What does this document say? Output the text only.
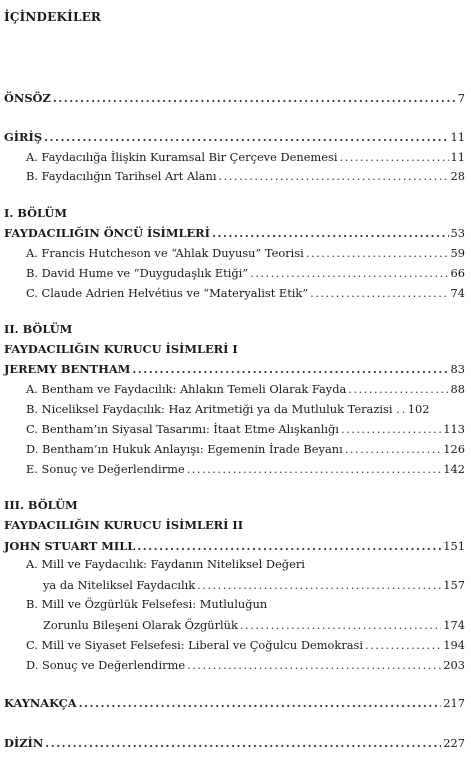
İÇİNDEKİLER
ÖNSÖZ .....	7
GİRİŞ .....	11
A. Faydacılığa İlişkin Kuramsal Bir Çerçeve Denemesi .....	11
B. Faydacılığın Tarihsel Art Alanı .....	28
I. BÖLÜM
FAYDACILIĞIN ÖNCÜ İSİMLERİ .....	53
A. Francis Hutcheson ve “Ahlak Duyusu” Teorisi .....	59
B. David Hume ve “Duygudaşlık Etiği” .....	66
C. Claude Adrien Helvétius ve “Materyalist Etik” .....	74
II. BÖLÜM
FAYDACILIĞIN KURUCU İSİMLERİ I
JEREMY BENTHAM .....	83
A. Bentham ve Faydacılık: Ahlakın Temeli Olarak Fayda .....	88
B. Niceliksel Faydacılık: Haz Aritmetiği ya da Mutluluk Terazisi . ..... 102
C. Bentham’ın Siyasal Tasarımı: İtaat Etme Alışkanlığı .....	113
D. Bentham’ın Hukuk Anlayışı: Egemenin İrade Beyanı .....	126
E. Sonuç ve Değerlendirme .....	142
III. BÖLÜM
FAYDACILIĞIN KURUCU İSİMLERİ II
JOHN STUART MILL .....	151
A. Mill ve Faydacılık: Faydanın Niteliksel Değeri
ya da Niteliksel Faydacılık .....	157
B. Mill ve Özgürlük Felsefesi: Mutluluğun
Zorunlu Bileşeni Olarak Özgürlük .....	174
C. Mill ve Siyaset Felsefesi: Liberal ve Çoğulcu Demokrasi .....	194
D. Sonuç ve Değerlendirme .....	203
KAYNAKÇA .....	217
DİZİN .....	227
